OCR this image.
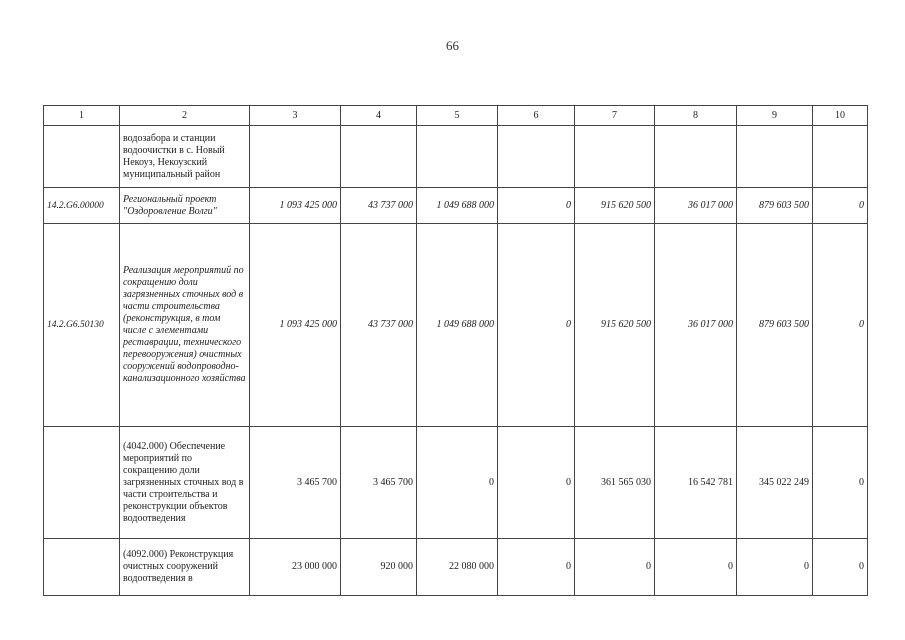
66
1	2	3	4	5	6	7	8	9	10
	водозабора и станции водоочистки в с. Новый Некоуз, Некоузский муниципальный район								
14.2.G6.00000	Региональный проект "Оздоровление Волги"	1 093 425 000	43 737 000	1 049 688 000	0	915 620 500	36 017 000	879 603 500	0
14.2.G6.50130	Реализация мероприятий по сокращению доли загрязненных сточных вод в части строительства (реконструкция, в том числе с элементами реставрации, технического перевооружения) очистных сооружений водопроводно-канализационного хозяйства	1 093 425 000	43 737 000	1 049 688 000	0	915 620 500	36 017 000	879 603 500	0
	(4042.000) Обеспечение мероприятий по сокращению доли загрязненных сточных вод в части строительства и реконструкции объектов водоотведения	3 465 700	3 465 700	0	0	361 565 030	16 542 781	345 022 249	0
	(4092.000) Реконструкция очистных сооружений водоотведения в	23 000 000	920 000	22 080 000	0	0	0	0	0
